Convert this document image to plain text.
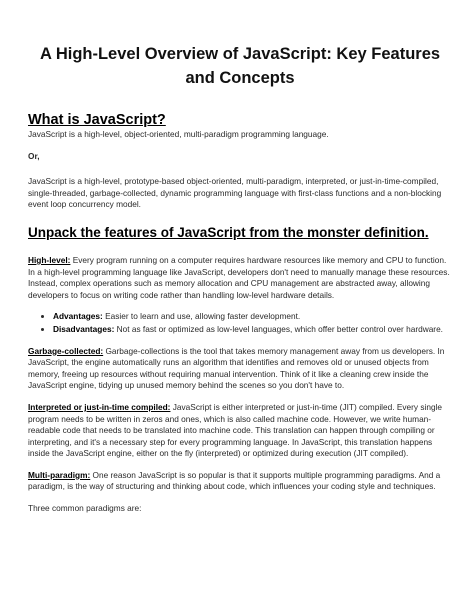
A High-Level Overview of JavaScript: Key Features and Concepts
What is JavaScript?

JavaScript is a high-level, object-oriented, multi-paradigm programming language.

Or,

JavaScript is a high-level, prototype-based object-oriented, multi-paradigm, interpreted, or just-in-time-compiled, single-threaded, garbage-collected, dynamic programming language with first-class functions and a non-blocking event loop concurrency model.

Unpack the features of JavaScript from the monster definition.

High-level: Every program running on a computer requires hardware resources like memory and CPU to function. In a high-level programming language like JavaScript, developers don't need to manually manage these resources. Instead, complex operations such as memory allocation and CPU management are abstracted away, allowing developers to focus on writing code rather than handling low-level hardware details.

• Advantages: Easier to learn and use, allowing faster development.
• Disadvantages: Not as fast or optimized as low-level languages, which offer better control over hardware.

Garbage-collected: Garbage-collections is the tool that takes memory management away from us developers. In JavaScript, the engine automatically runs an algorithm that identifies and removes old or unused objects from memory, freeing up resources without requiring manual intervention. Think of it like a cleaning crew inside the JavaScript engine, tidying up unused memory behind the scenes so you don't have to.

Interpreted or just-in-time compiled: JavaScript is either interpreted or just-in-time (JIT) compiled. Every single program needs to be written in zeros and ones, which is also called machine code. However, we write human-readable code that needs to be translated into machine code. This translation can happen through compiling or interpreting, and it's a necessary step for every programming language. In JavaScript, this translation happens inside the JavaScript engine, either on the fly (interpreted) or optimized during execution (JIT compiled).

Multi-paradigm: One reason JavaScript is so popular is that it supports multiple programming paradigms. And a paradigm, is the way of structuring and thinking about code, which influences your coding style and techniques.

Three common paradigms are:
